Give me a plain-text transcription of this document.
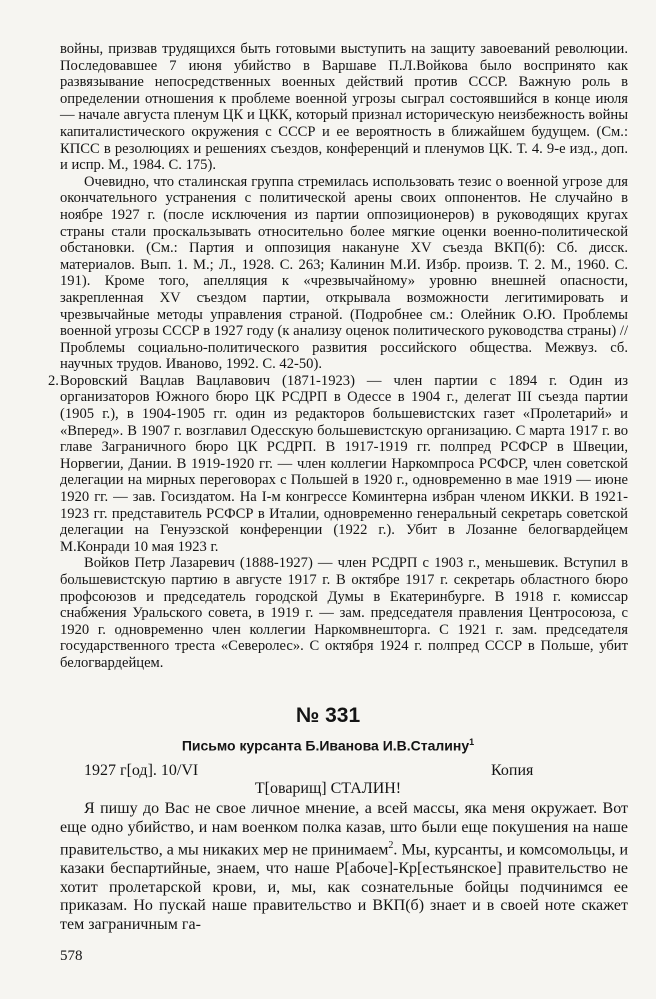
войны, призвав трудящихся быть готовыми выступить на защиту завоеваний революции. Последовавшее 7 июня убийство в Варшаве П.Л.Войкова было воспринято как развязывание непосредственных военных действий против СССР. Важную роль в определении отношения к проблеме военной угрозы сыграл состоявшийся в конце июля — начале августа пленум ЦК и ЦКК, который признал историческую неизбежность войны капиталистического окружения с СССР и ее вероятность в ближайшем будущем. (См.: КПСС в резолюциях и решениях съездов, конференций и пленумов ЦК. Т. 4. 9-е изд., доп. и испр. М., 1984. С. 175).

Очевидно, что сталинская группа стремилась использовать тезис о военной угрозе для окончательного устранения с политической арены своих оппонентов. Не случайно в ноябре 1927 г. (после исключения из партии оппозиционеров) в руководящих кругах страны стали проскальзывать относительно более мягкие оценки военно-политической обстановки. (См.: Партия и оппозиция накануне XV съезда ВКП(б): Сб. дисск. материалов. Вып. 1. М.; Л., 1928. С. 263; Калинин М.И. Избр. произв. Т. 2. М., 1960. С. 191). Кроме того, апелляция к «чрезвычайному» уровню внешней опасности, закрепленная XV съездом партии, открывала возможности легитимировать и чрезвычайные методы управления страной. (Подробнее см.: Олейник О.Ю. Проблемы военной угрозы СССР в 1927 году (к анализу оценок политического руководства страны) // Проблемы социально-политического развития российского общества. Межвуз. сб. научных трудов. Иваново, 1992. С. 42-50).

2. Воровский Вацлав Вацлавович (1871-1923) — член партии с 1894 г. Один из организаторов Южного бюро ЦК РСДРП в Одессе в 1904 г., делегат III съезда партии (1905 г.), в 1904-1905 гг. один из редакторов большевистских газет «Пролетарий» и «Вперед». В 1907 г. возглавил Одесскую большевистскую организацию. С марта 1917 г. во главе Заграничного бюро ЦК РСДРП. В 1917-1919 гг. полпред РСФСР в Швеции, Норвегии, Дании. В 1919-1920 гг. — член коллегии Наркомпроса РСФСР, член советской делегации на мирных переговорах с Польшей в 1920 г., одновременно в мае 1919 — июне 1920 гг. — зав. Госиздатом. На I-м конгрессе Коминтерна избран членом ИККИ. В 1921-1923 гг. представитель РСФСР в Италии, одновременно генеральный секретарь советской делегации на Генуэзской конференции (1922 г.). Убит в Лозанне белогвардейцем М.Конради 10 мая 1923 г.

Войков Петр Лазаревич (1888-1927) — член РСДРП с 1903 г., меньшевик. Вступил в большевистскую партию в августе 1917 г. В октябре 1917 г. секретарь областного бюро профсоюзов и председатель городской Думы в Екатеринбурге. В 1918 г. комиссар снабжения Уральского совета, в 1919 г. — зам. председателя правления Центросоюза, с 1920 г. одновременно член коллегии Наркомвнешторга. С 1921 г. зам. председателя государственного треста «Северолес». С октября 1924 г. полпред СССР в Польше, убит белогвардейцем.

№ 331
Письмо курсанта Б.Иванова И.В.Сталину$^1$
1927 г[од]. 10/VI	Копия
Т[оварищ] СТАЛИН!

Я пишу до Вас не свое личное мнение, а всей массы, яка меня окружает. Вот еще одно убийство, и нам военком полка казав, што были еще покушения на наше правительство, а мы никаких мер не принимаем$^2$. Мы, курсанты, и комсомольцы, и казаки беспартийные, знаем, что наше Р[абоче]-Кр[естьянское] правительство не хотит пролетарской крови, и, мы, как сознательные бойцы подчинимся ее приказам. Но пускай наше правительство и ВКП(б) знает и в своей ноте скажет тем заграничным га-

578
